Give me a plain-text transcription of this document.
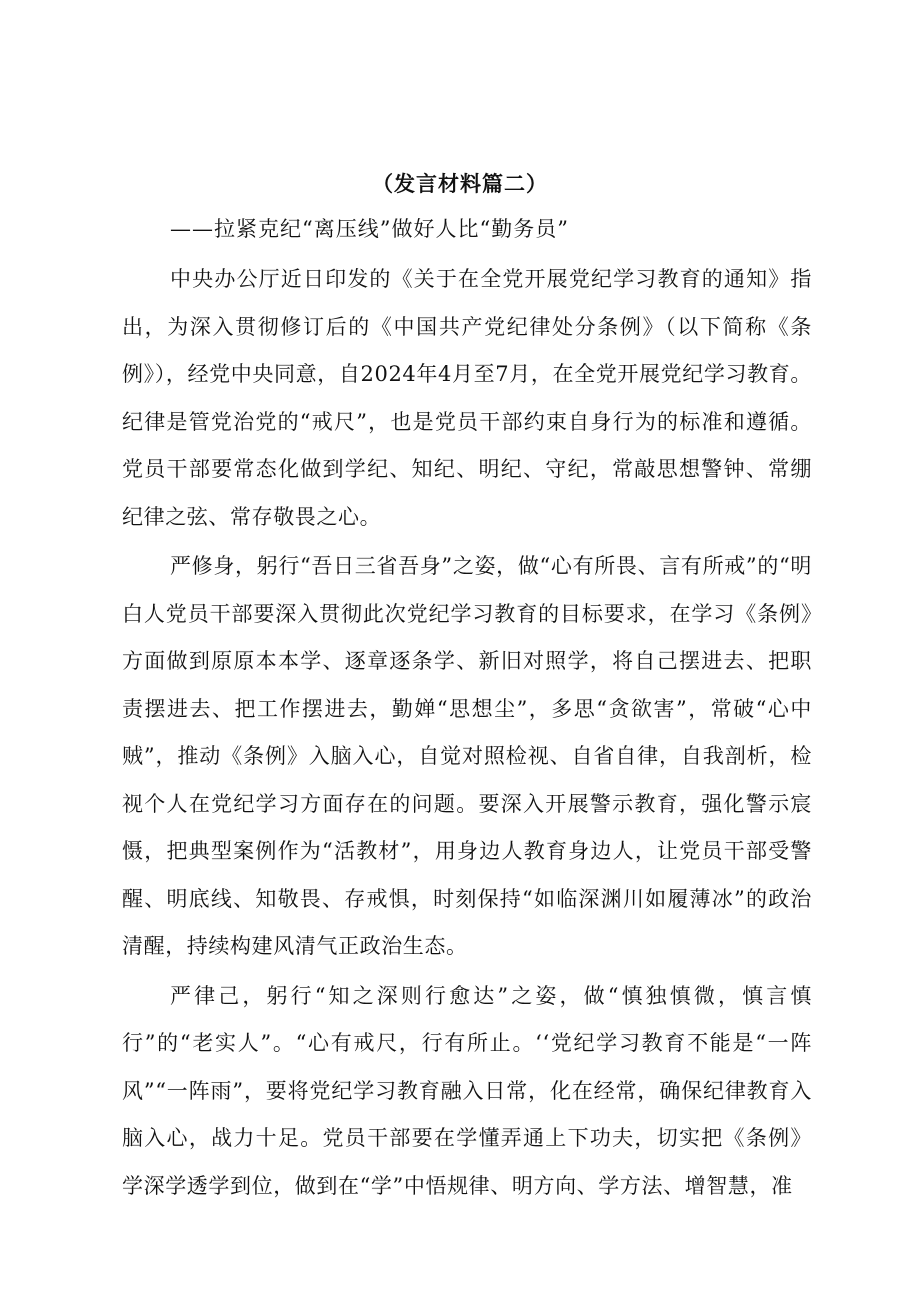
（发言材料篇二）
——拉紧克纪“离压线”做好人比“勤务员”

中央办公厅近日印发的《关于在全党开展党纪学习教育的通知》指出，为深入贯彻修订后的《中国共产党纪律处分条例》（以下简称《条例》），经党中央同意，自2024年4月至7月，在全党开展党纪学习教育。纪律是管党治党的“戒尺”，也是党员干部约束自身行为的标准和遵循。党员干部要常态化做到学纪、知纪、明纪、守纪，常敲思想警钟、常绷纪律之弦、常存敬畏之心。

严修身，躬行“吾日三省吾身”之姿，做“心有所畏、言有所戒”的“明白人党员干部要深入贯彻此次党纪学习教育的目标要求，在学习《条例》方面做到原原本本学、逐章逐条学、新旧对照学，将自己摆进去、把职责摆进去、把工作摆进去，勤婵“思想尘”，多思“贪欲害”，常破“心中贼”，推动《条例》入脑入心，自觉对照检视、自省自律，自我剖析，检视个人在党纪学习方面存在的问题。要深入开展警示教育，强化警示宸慑，把典型案例作为“活教材”，用身边人教育身边人，让党员干部受警醒、明底线、知敬畏、存戒惧，时刻保持“如临深渊川如履薄冰”的政治清醒，持续构建风清气正政治生态。

严律己，躬行“知之深则行愈达”之姿，做“慎独慎微，慎言慎行”的“老实人”。“心有戒尺，行有所止。‘‘党纪学习教育不能是“一阵风”“一阵雨”，要将党纪学习教育融入日常，化在经常，确保纪律教育入脑入心，战力十足。党员干部要在学懂弄通上下功夫，切实把《条例》学深学透学到位，做到在“学”中悟规律、明方向、学方法、增智慧，准
